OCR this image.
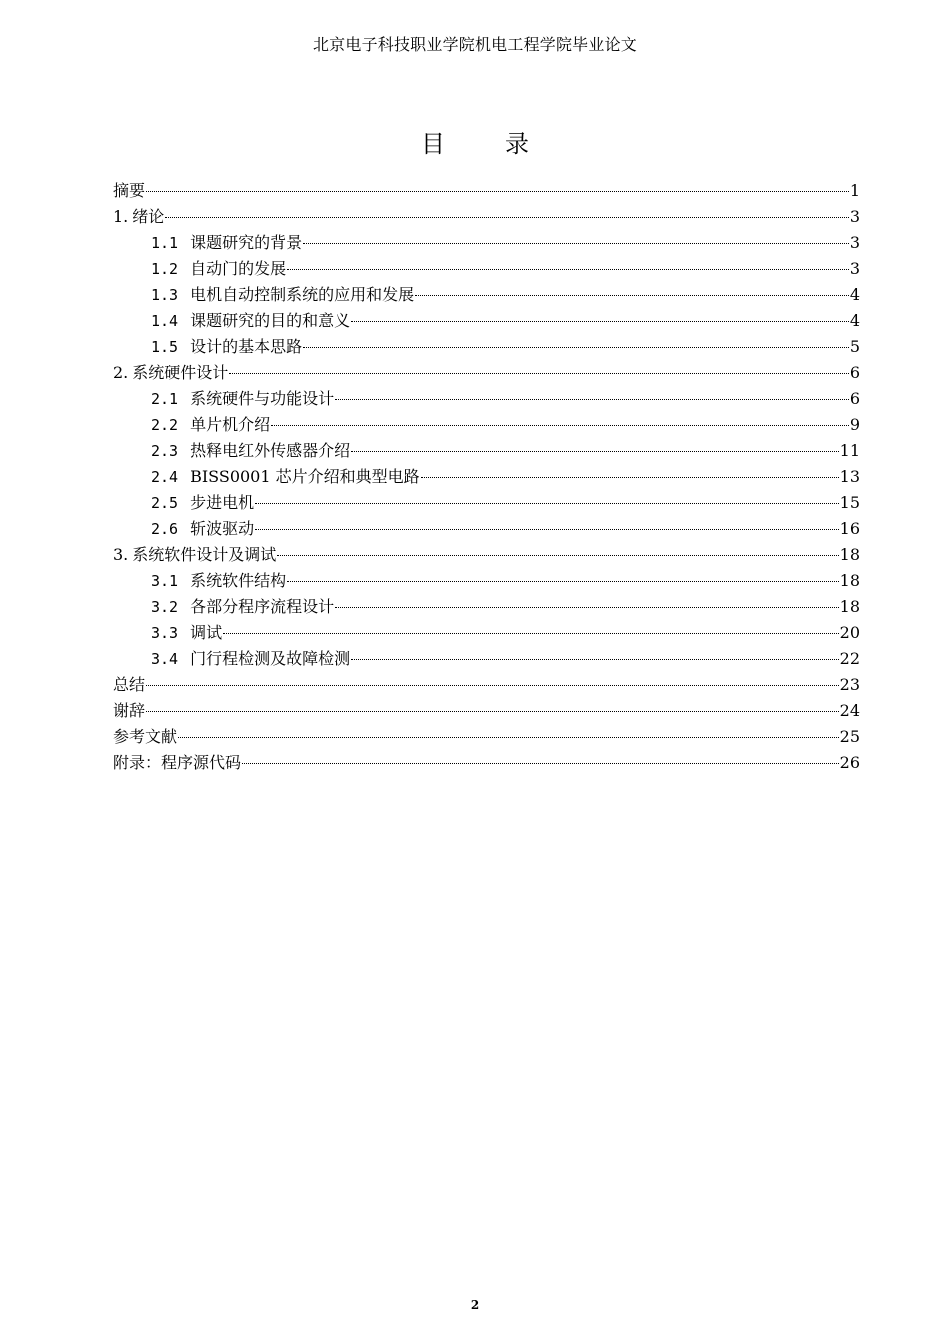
北京电子科技职业学院机电工程学院毕业论文
目	录
摘要	1
1. 绪论	3
1.1 课题研究的背景	3
1.2 自动门的发展	3
1.3 电机自动控制系统的应用和发展	4
1.4 课题研究的目的和意义	4
1.5 设计的基本思路	5
2. 系统硬件设计	6
2.1 系统硬件与功能设计	6
2.2 单片机介绍	9
2.3 热释电红外传感器介绍	11
2.4 BISS0001 芯片介绍和典型电路	13
2.5 步进电机	15
2.6 斩波驱动	16
3. 系统软件设计及调试	18
3.1 系统软件结构	18
3.2 各部分程序流程设计	18
3.3 调试	20
3.4 门行程检测及故障检测	22
总结	23
谢辞	24
参考文献	25
附录：程序源代码	26
2
